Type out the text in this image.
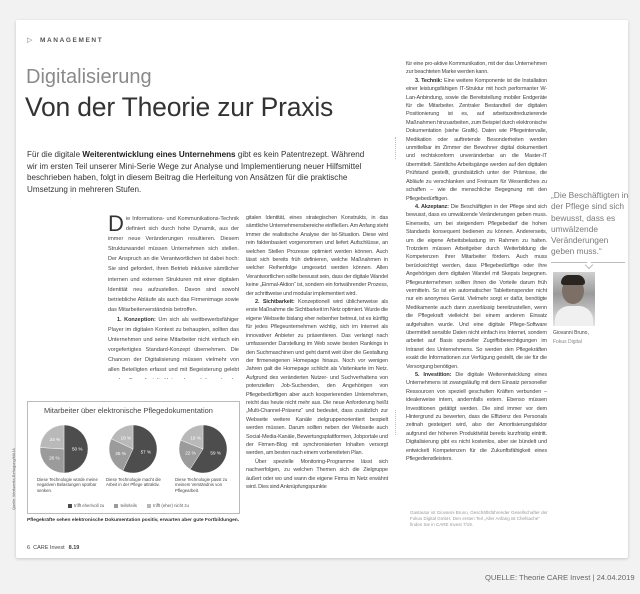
▷ MANAGEMENT
Digitalisierung
Von der Theorie zur Praxis
Für die digitale Weiterentwicklung eines Unternehmens gibt es kein Patentrezept. Während wir im ersten Teil unserer Mini-Serie Wege zur Analyse und Implementierung neuer Hilfsmittel beschrieben haben, folgt in diesem Beitrag die Herleitung von Ansätzen für die praktische Umsetzung in mehreren Stufen.

Die Informations- und Kommunikations-Technik definiert sich durch hohe Dynamik, aus der immer neue Veränderungen resultieren. Diesem Strukturwandel müssen Unternehmen sich stellen. Der Anspruch an die Verantwortlichen ist dabei hoch: Sie sind gefordert, ihren Betrieb inklusive sämtlicher internen und externen Strukturen mit einer digitalen Identität neu aufzustellen. Davon sind sowohl betriebliche Abläufe als auch das Firmenimage sowie das Mitarbeiterverständnis betroffen.

1. Konzeption: Um sich als wettbewerbsfähiger Player im digitalen Kontext zu behaupten, sollten das Unternehmen und seine Mitarbeiter nicht einfach ein vorgefertigtes Standard-Konzept übernehmen. Die Chancen der Digitalisierung müssen vielmehr von allen Beteiligten erfasst und mit Begeisterung gelebt

gitalen Identität, eines strategischen Konstrukts, in das sämtliche Unternehmensbereiche einfließen. Am Anfang steht immer die realistische Analyse der Ist-Situation. Diese wird rein faktenbasiert vorgenommen und liefert Aufschlüsse, an welchen Stellen Prozesse optimiert werden können. Auch lässt sich bereits früh definieren, welche Maßnahmen in welcher Reihenfolge umgesetzt werden können. Allen Verantwortlichen sollte bewusst sein, dass der digitale Wandel keine „Einmal-Aktion“ ist, sondern ein fortwährender Prozess, der schrittweise und modular implementiert wird.

2. Sichtbarkeit: Konzeptionell wird üblicherweise als erste Maßnahme die Sichtbarkeit im Netz optimiert. Wurde die eigene Webseite bislang eher nebenher betreut, ist es künftig für jedes Pflegeunternehmen wichtig, sich im Internet als innovativer Anbieter zu präsentieren. Das verlangt nach umfassender Darstellung im Web sowie besten Rankings in den Suchmaschinen und geht damit weit über die Gestaltung der firmeneigenen Homepage hinaus. Noch vor wenigen Jahren galt die Homepage schlicht als Visitenkarte im Netz. Aufgrund des veränderten Nutzer- und Suchverhaltens von potenziellen Job-Suchenden, den Angehörigen von Pflegebedürftigen aber auch kooperierenden Unternehmen, reicht das heute nicht mehr aus. Die neue Anforderung heißt „Multi-Channel-Präsenz“ und bedeutet, dass zusätzlich zur Webseite weitere Kanäle zielgruppenorientiert bespielt werden müssen. Darum sollten neben der Webseite auch Social-Media-Kanäle, Bewertungsplattformen, Jobportale und der Firmen-Blog mit synchronisierten Inhalten versorgt werden, am besten nach einem vorbereiteten Plan.

Über spezielle Monitoring-Programme lässt sich nachverfolgen, zu welchen Themen sich die Zielgruppe äußert oder wo und wann die eigene Firma im Netz erwähnt wird. Dies sind Anknüpfungspunkte

für eine pro-aktive Kommunikation, mit der das Unternehmen zur beachteten Marke werden kann.

3. Technik: Eine weitere Komponente ist die Installation einer leistungsfähigen IT-Struktur mit hoch performanter W-Lan-Anbindung, sowie die Bereitstellung mobiler Endgeräte für die Mitarbeiter. Zentraler Bestandteil der digitalen Positionierung ist es, auf arbeitszeitreduzierende Maßnahmen hinzuarbeiten, zum Beispiel durch elektronische Dokumentation (siehe Grafik). Daten wie Pflegeintervalle, Medikation oder auftretende Besonderheiten werden unmittelbar im Zimmer der Bewohner digital dokumentiert und rechtskonform unveränderbar an die Master-IT übermittelt. Sämtliche Arbeitsgänge werden auf den digitalen Prüfstand gestellt, grundsätzlich unter der Prämisse, die Abläufe zu verschlanken und Freiraum für Wesentliches zu schaffen – wie die menschliche Begegnung mit den Pflegebedürftigen.

4. Akzeptanz: Die Beschäftigten in der Pflege sind sich bewusst, dass es umwälzende Veränderungen geben muss. Einerseits, um bei steigendem Pflegebedarf die hohen Standards konsequent bedienen zu können. Andererseits, um die eigene Arbeitsbelastung im Rahmen zu halten. Trotzdem müssen Arbeitgeber durch Weiterbildung die Kompetenzen ihrer Mitarbeiter fördern. Auch muss berücksichtigt werden, dass Pflegebedürftige oder ihre Angehörigen dem digitalen Wandel mit Skepsis begegnen. Pflegeunternehmen sollten ihnen die Vorteile darum früh vermitteln. So ist ein automatischer Tablettenspender nicht nur ein anonymes Gerät. Vielmehr sorgt er dafür, benötigte Medikamente auch dann zuverlässig bereitzustellen, wenn die Pflegekraft vielleicht bei einem anderen Einsatz aufgehalten wurde. Und eine digitale Pflege-Software übermittelt sensible Daten nicht einfach ins Internet, sondern arbeitet auf Basis spezieller Zugriffsberechtigungen im Intranet des Unternehmens. So werden den Pflegekräften exakt die Informationen zur Verfügung gestellt, die sie für die Versorgung benötigen.

5. Investition: Die digitale Weiterentwicklung eines Unternehmens ist zwangsläufig mit dem Einsatz personeller Ressourcen von speziell geschulten Kräften verbunden – idealerweise intern, andernfalls extern. Ebenso müssen Investitionen getätigt werden. Die sind immer vor dem Hintergrund zu bewerten, dass die Effizienz des Personals zeitnah gesteigert wird, also der Amortisierungsfaktor aufgrund der höheren Produktivität bereits kurzfristig eintritt. Digitalisierung gibt es nicht kostenlos, aber sie bündelt und entwickelt Kompetenzen für die Zukunftsfähigkeit eines Pflegedienstleisters.

Gastautor ist Giovanni Bruno, Geschäftsführender Gesellschafter der Fokus Digital GmbH. Den ersten Teil „Aller Anfang ist Chefsache“ finden Sie in CARE Invest 7/19.
Mitarbeiter über elektronische Pflegedokumentation
50 %
26 %
24 %
57 %
25 %
18 %
59 %
22 %
19 %
Diese Technologie würde meine negativen Belastungen spürbar senken.
Diese Technologie macht die Arbeit in der Pflege attraktiv.
Diese Technologie passt zu meinem Verständnis von Pflegearbeit.
trifft eher/voll zu	teils/teils	trifft (eher) nicht zu
Quelle: Werkwerks-Befragung/MAJA
Pflegekräfte sehen elektronische Dokumentation positiv, erwarten aber gute Fortbildungen.
„Die Beschäftigten in der Pflege sind sich bewusst, dass es umwälzende Veränderungen geben muss.“
Giovanni Bruno,
Fokus Digital
6 CARE Invest 8.19
QUELLE: Theorie CARE Invest | 24.04.2019
